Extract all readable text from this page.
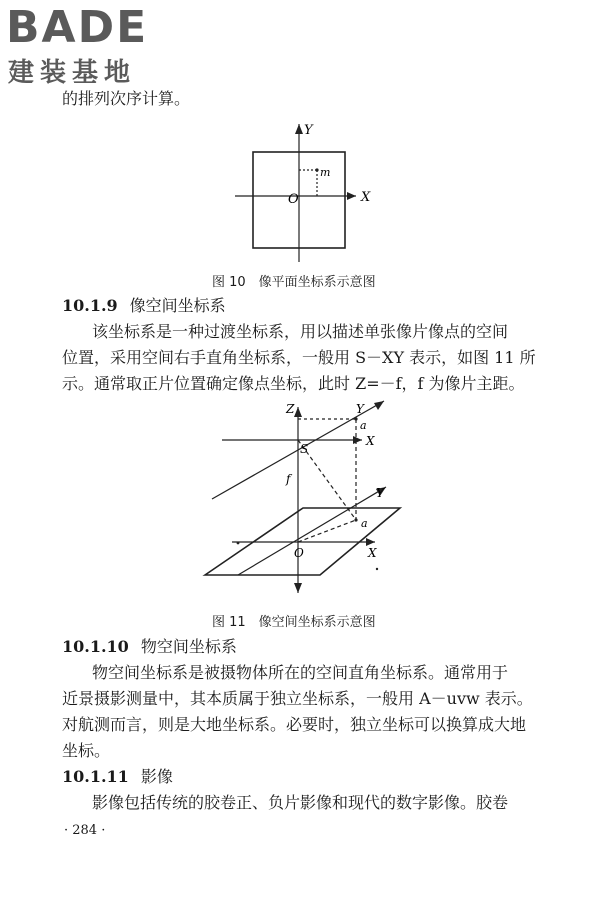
BADE
建装基地
的排列次序计算。
Y
X
O
m
图 10　像平面坐标系示意图
10.1.9 像空间坐标系
该坐标系是一种过渡坐标系，用以描述单张像片像点的空间
位置，采用空间右手直角坐标系，一般用 S－XY 表示，如图 11 所
示。通常取正片位置确定像点坐标，此时 Z=－f，f 为像片主距。
Z	Y
a
S
X
f
Y
a
O	X
图 11　像空间坐标系示意图
10.1.10 物空间坐标系
物空间坐标系是被摄物体所在的空间直角坐标系。通常用于
近景摄影测量中，其本质属于独立坐标系，一般用 A－uvw 表示。
对航测而言，则是大地坐标系。必要时，独立坐标可以换算成大地
坐标。
10.1.11 影像
影像包括传统的胶卷正、负片影像和现代的数字影像。胶卷
· 284 ·
